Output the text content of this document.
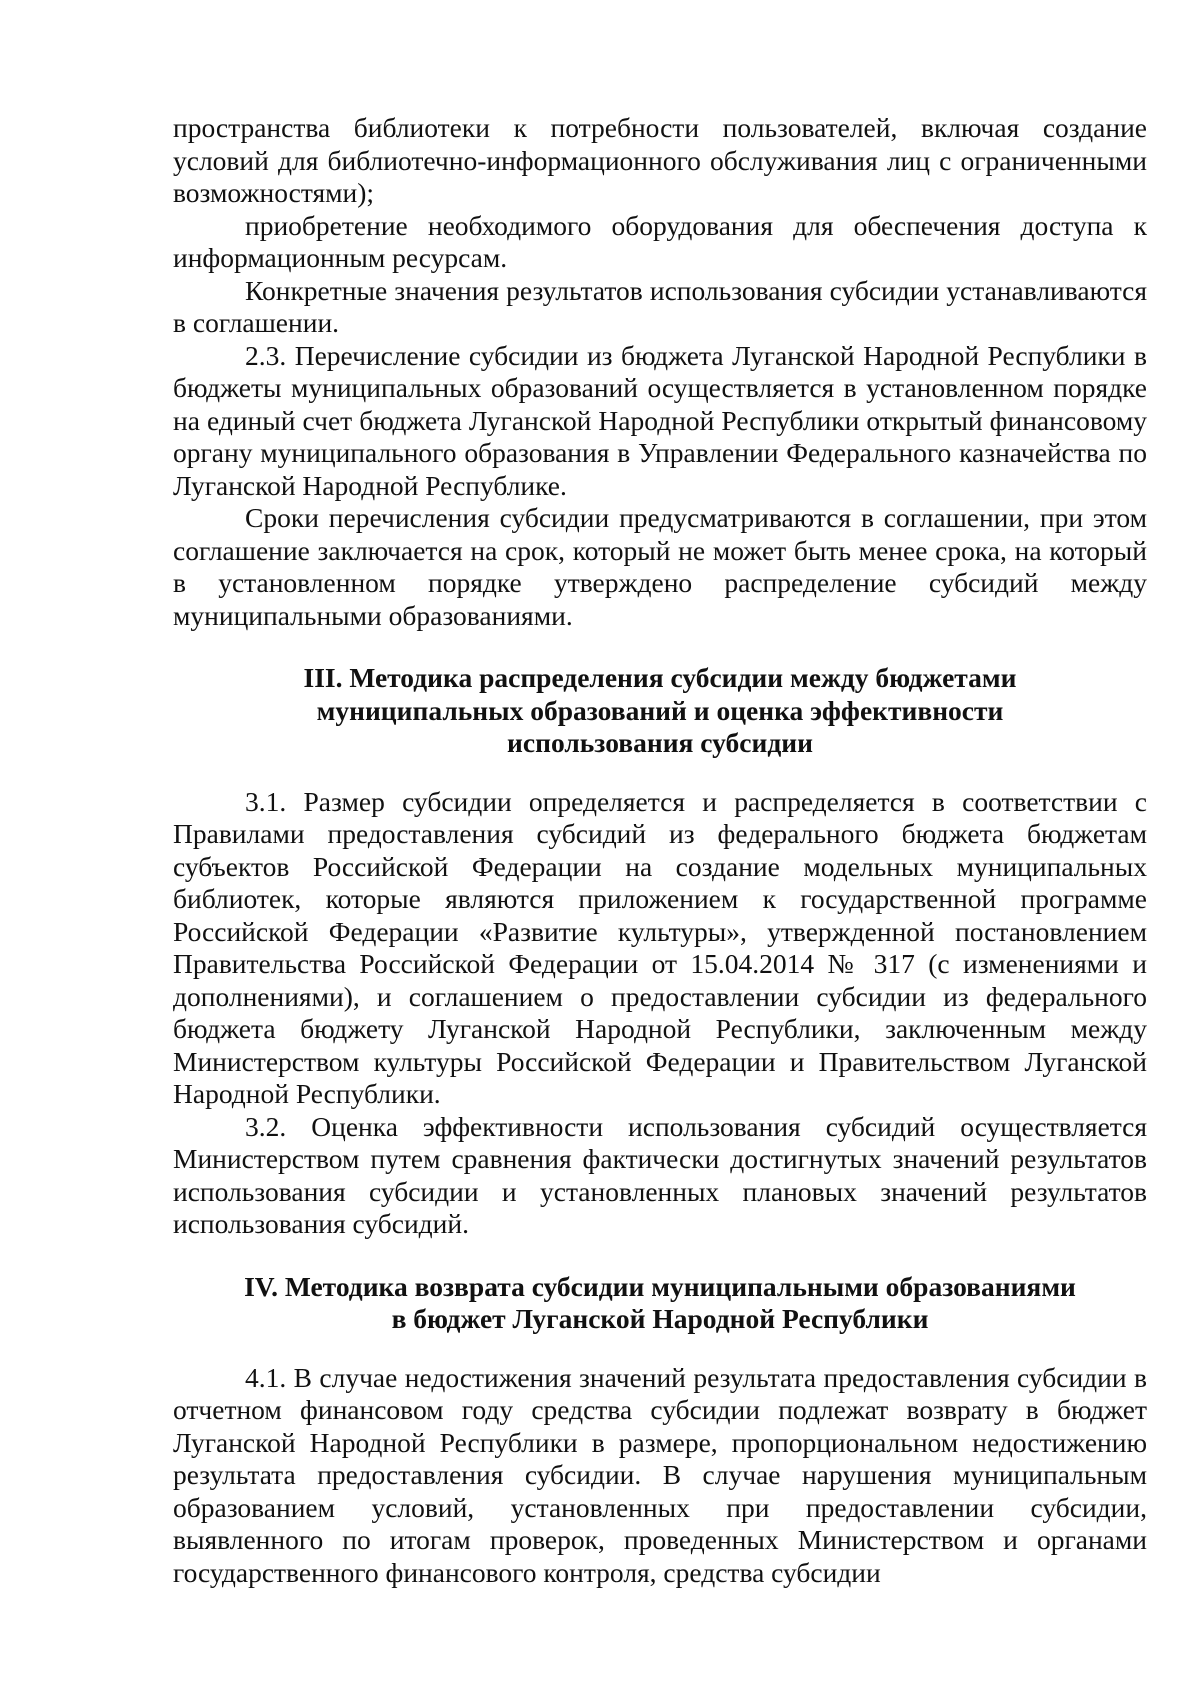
пространства библиотеки к потребности пользователей, включая создание условий для библиотечно-информационного обслуживания лиц с ограниченными возможностями);

приобретение необходимого оборудования для обеспечения доступа к информационным ресурсам.

Конкретные значения результатов использования субсидии устанавливаются в соглашении.

2.3. Перечисление субсидии из бюджета Луганской Народной Республики в бюджеты муниципальных образований осуществляется в установленном порядке на единый счет бюджета Луганской Народной Республики открытый финансовому органу муниципального образования в Управлении Федерального казначейства по Луганской Народной Республике.

Сроки перечисления субсидии предусматриваются в соглашении, при этом соглашение заключается на срок, который не может быть менее срока, на который в установленном порядке утверждено распределение субсидий между муниципальными образованиями.

III. Методика распределения субсидии между бюджетами
муниципальных образований и оценка эффективности
использования субсидии

3.1. Размер субсидии определяется и распределяется в соответствии с Правилами предоставления субсидий из федерального бюджета бюджетам субъектов Российской Федерации на создание модельных муниципальных библиотек, которые являются приложением к государственной программе Российской Федерации «Развитие культуры», утвержденной постановлением Правительства Российской Федерации от 15.04.2014 № 317 (с изменениями и дополнениями), и соглашением о предоставлении субсидии из федерального бюджета бюджету Луганской Народной Республики, заключенным между Министерством культуры Российской Федерации и Правительством Луганской Народной Республики.

3.2. Оценка эффективности использования субсидий осуществляется Министерством путем сравнения фактически достигнутых значений результатов использования субсидии и установленных плановых значений результатов использования субсидий.

IV. Методика возврата субсидии муниципальными образованиями
в бюджет Луганской Народной Республики

4.1. В случае недостижения значений результата предоставления субсидии в отчетном финансовом году средства субсидии подлежат возврату в бюджет Луганской Народной Республики в размере, пропорциональном недостижению результата предоставления субсидии. В случае нарушения муниципальным образованием условий, установленных при предоставлении субсидии, выявленного по итогам проверок, проведенных Министерством и органами государственного финансового контроля, средства субсидии
